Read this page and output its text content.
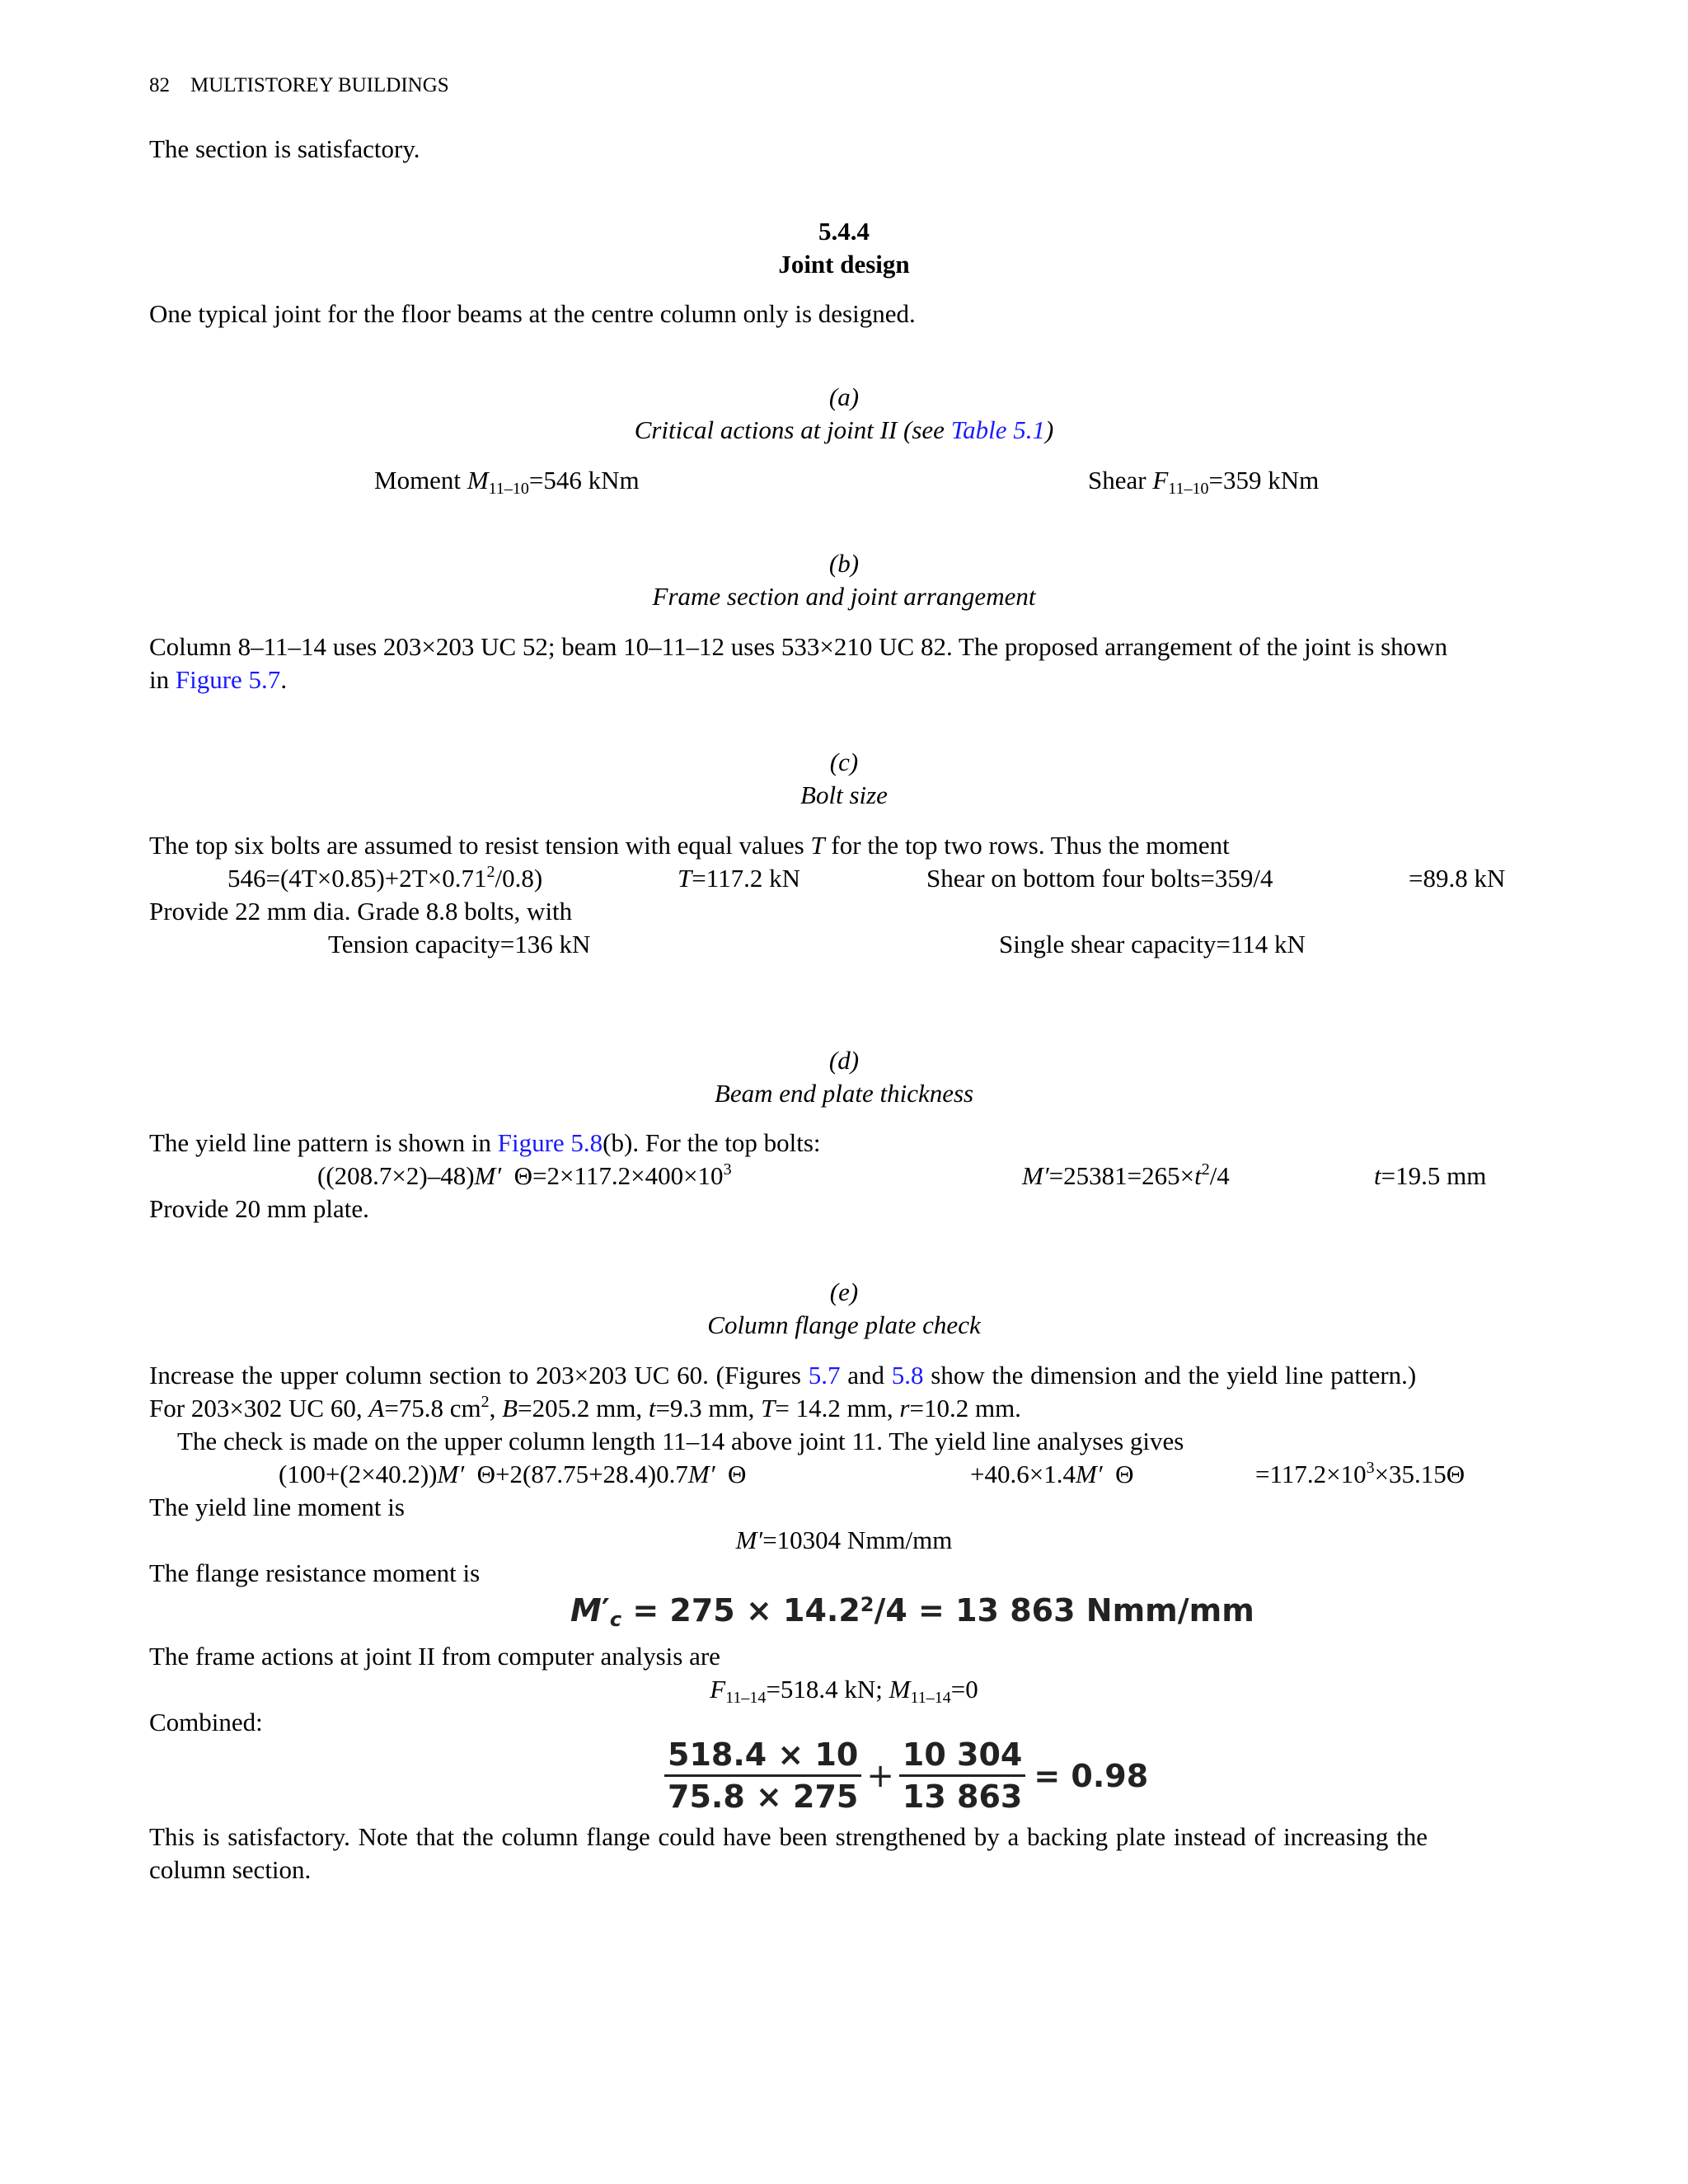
82 MULTISTOREY BUILDINGS
The section is satisfactory.
5.4.4
Joint design
One typical joint for the floor beams at the centre column only is designed.
(a)
Critical actions at joint II (see Table 5.1)
Moment $M_{11-10}=546$ kNm	Shear $F_{11-10}=359$ kNm
(b)
Frame section and joint arrangement
Column 8–11–14 uses 203×203 UC 52; beam 10–11–12 uses 533×210 UC 82. The proposed arrangement of the joint is shown
in Figure 5.7.
(c)
Bolt size
The top six bolts are assumed to resist tension with equal values T for the top two rows. Thus the moment
$546=(4T\times 0.85)+2T\times 0.71^2/0.8$)	T=117.2 kN	Shear on bottom four bolts=359/4	=89.8 kN
Provide 22 mm dia. Grade 8.8 bolts, with
Tension capacity=136 kN	Single shear capacity=114 kN
(d)
Beam end plate thickness
The yield line pattern is shown in Figure 5.8(b). For the top bolts:
((208.7×2)–48)M′  $\Theta=2\times 117.2\times 400\times 10^3$	$M'=25381=265\times t^2/4$	t=19.5 mm
Provide 20 mm plate.
(e)
Column flange plate check
Increase the upper column section to 203×203 UC 60. (Figures 5.7 and 5.8 show the dimension and the yield line pattern.)
For 203×302 UC 60, A=75.8 $cm^2$, B=205.2 mm, t=9.3 mm, T= 14.2 mm, r=10.2 mm.
The check is made on the upper column length 11–14 above joint 11. The yield line analyses gives
(100+(2×40.2))M′  Θ+2(87.75+28.4)0.7M′  Θ	+40.6×1.4M′  Θ	$=117.2\times 10^3\times 35.15\Theta$
The yield line moment is
M′=10304 Nmm/mm
The flange resistance moment is
$M'_c = 275 \times 14.2^2/4 = 13$ 863 Nmm/mm
The frame actions at joint II from computer analysis are
$F_{11-14}=518.4$ kN; $M_{11-14}=0$
Combined:
$\frac{518.4 \times 10}{75.8 \times 275} + \frac{10 304}{13 863} = 0.98$
This is satisfactory. Note that the column flange could have been strengthened by a backing plate instead of increasing the
column section.
